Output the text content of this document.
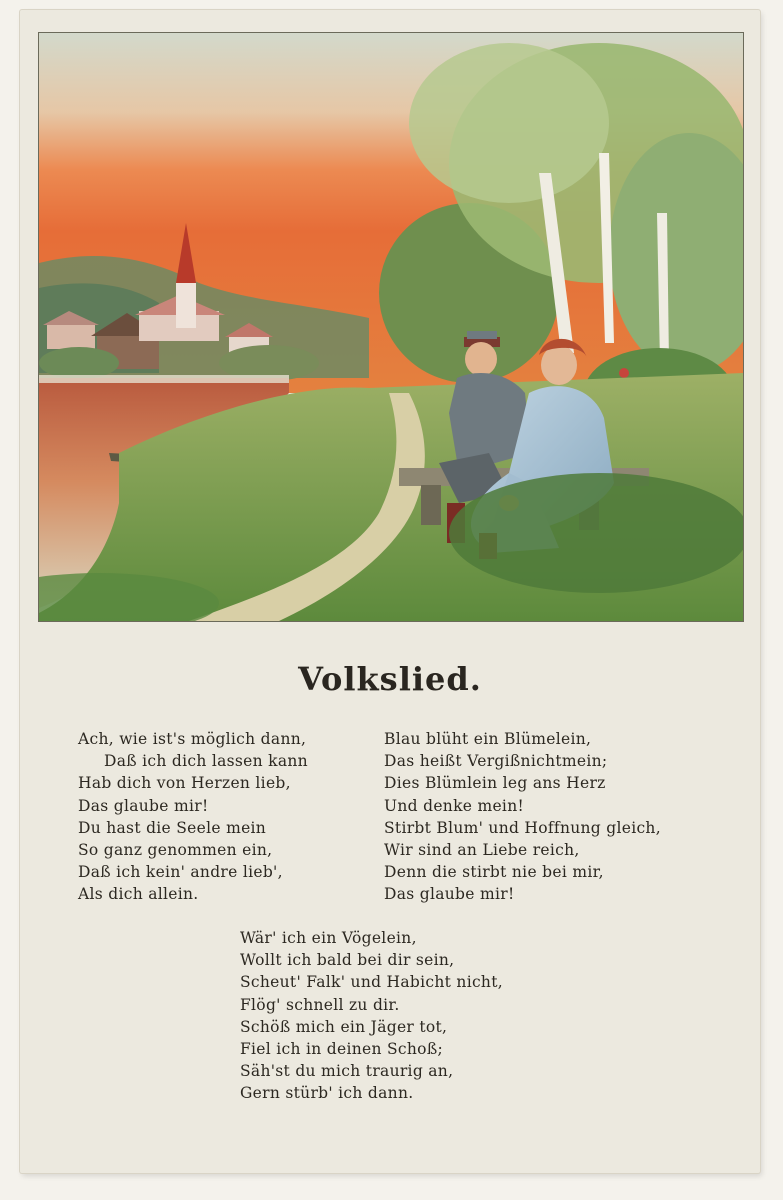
Volkslied.
Ach, wie ist's möglich dann,
Daß ich dich lassen kann
Hab dich von Herzen lieb,
Das glaube mir!
Du hast die Seele mein
So ganz genommen ein,
Daß ich kein' andre lieb',
Als dich allein.
Blau blüht ein Blümelein,
Das heißt Vergißnichtmein;
Dies Blümlein leg ans Herz
Und denke mein!
Stirbt Blum' und Hoffnung gleich,
Wir sind an Liebe reich,
Denn die stirbt nie bei mir,
Das glaube mir!
Wär' ich ein Vögelein,
Wollt ich bald bei dir sein,
Scheut' Falk' und Habicht nicht,
Flög' schnell zu dir.
Schöß mich ein Jäger tot,
Fiel ich in deinen Schoß;
Säh'st du mich traurig an,
Gern stürb' ich dann.
